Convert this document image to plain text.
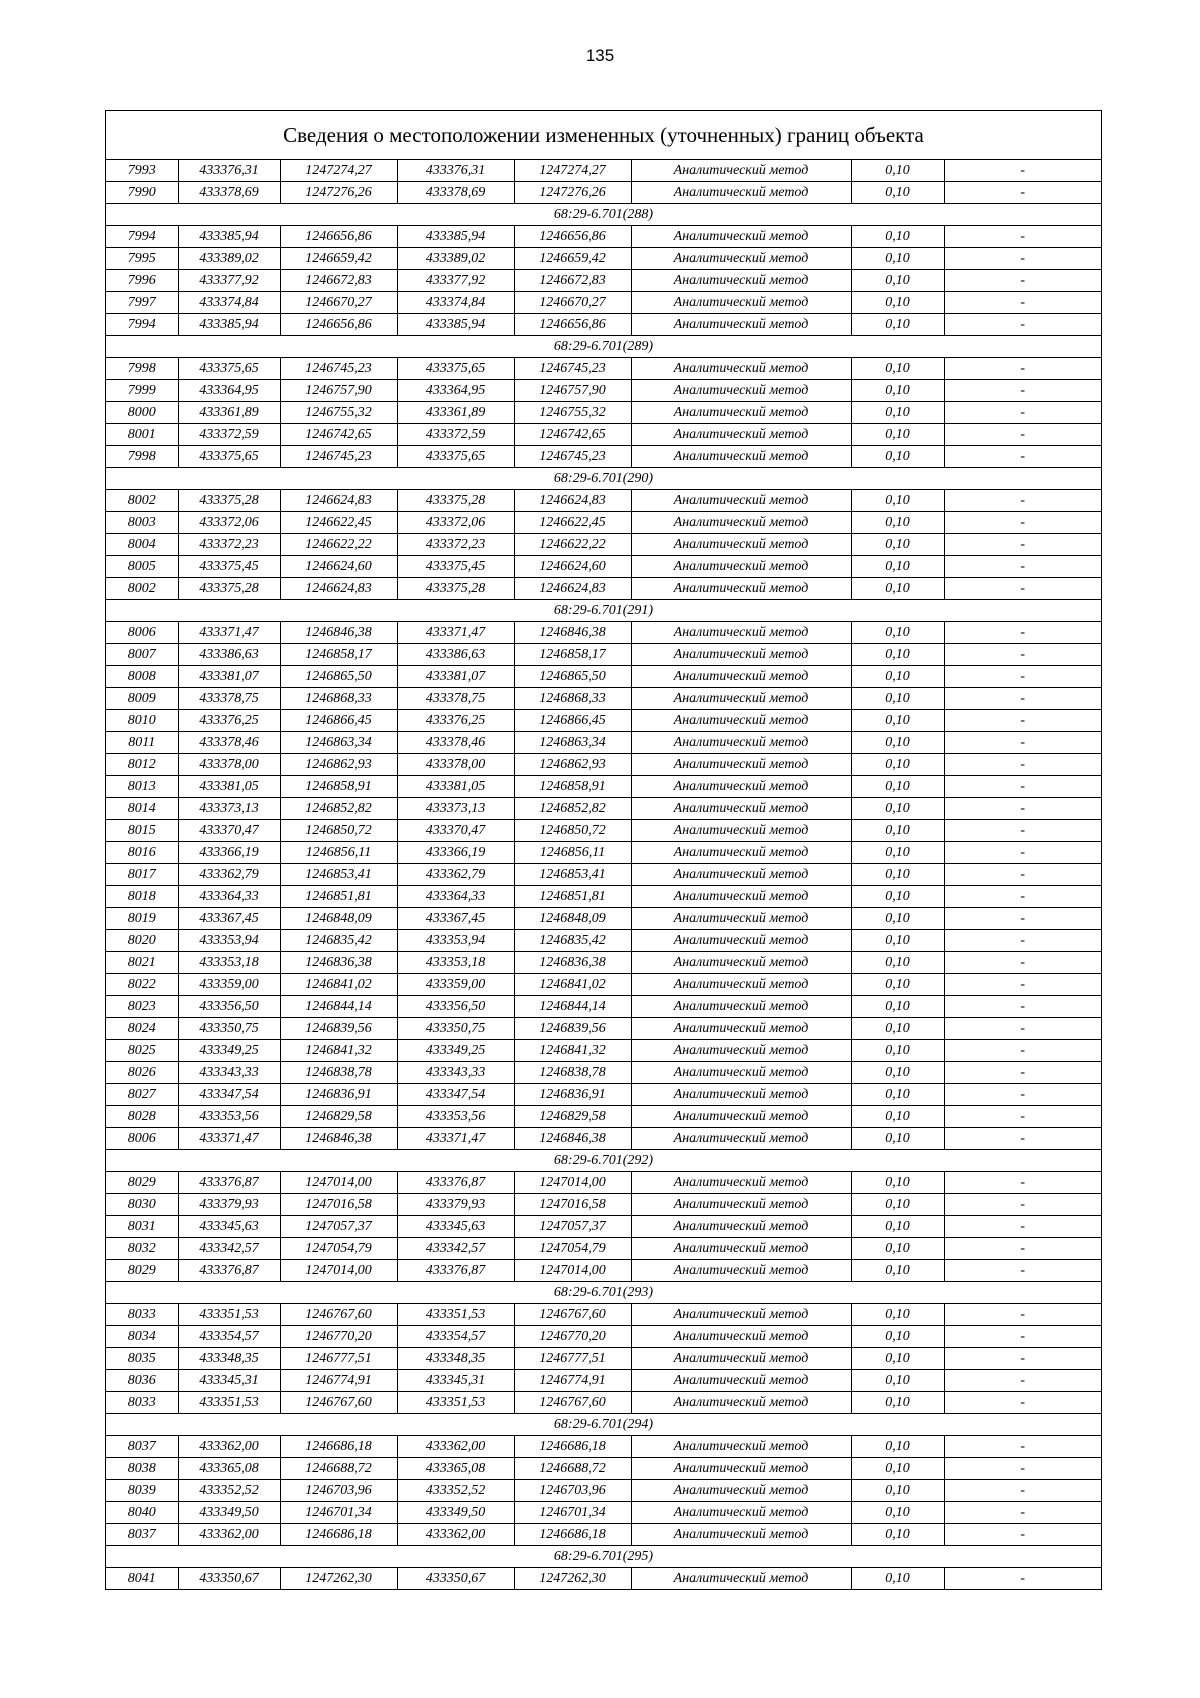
135
Сведения о местоположении измененных (уточненных) границ объекта
7993	433376,31	1247274,27	433376,31	1247274,27	Аналитический метод	0,10	-
7990	433378,69	1247276,26	433378,69	1247276,26	Аналитический метод	0,10	-
68:29-6.701(288)							
7994	433385,94	1246656,86	433385,94	1246656,86	Аналитический метод	0,10	-
7995	433389,02	1246659,42	433389,02	1246659,42	Аналитический метод	0,10	-
7996	433377,92	1246672,83	433377,92	1246672,83	Аналитический метод	0,10	-
7997	433374,84	1246670,27	433374,84	1246670,27	Аналитический метод	0,10	-
7994	433385,94	1246656,86	433385,94	1246656,86	Аналитический метод	0,10	-
68:29-6.701(289)							
7998	433375,65	1246745,23	433375,65	1246745,23	Аналитический метод	0,10	-
7999	433364,95	1246757,90	433364,95	1246757,90	Аналитический метод	0,10	-
8000	433361,89	1246755,32	433361,89	1246755,32	Аналитический метод	0,10	-
8001	433372,59	1246742,65	433372,59	1246742,65	Аналитический метод	0,10	-
7998	433375,65	1246745,23	433375,65	1246745,23	Аналитический метод	0,10	-
68:29-6.701(290)							
8002	433375,28	1246624,83	433375,28	1246624,83	Аналитический метод	0,10	-
8003	433372,06	1246622,45	433372,06	1246622,45	Аналитический метод	0,10	-
8004	433372,23	1246622,22	433372,23	1246622,22	Аналитический метод	0,10	-
8005	433375,45	1246624,60	433375,45	1246624,60	Аналитический метод	0,10	-
8002	433375,28	1246624,83	433375,28	1246624,83	Аналитический метод	0,10	-
68:29-6.701(291)							
8006	433371,47	1246846,38	433371,47	1246846,38	Аналитический метод	0,10	-
8007	433386,63	1246858,17	433386,63	1246858,17	Аналитический метод	0,10	-
8008	433381,07	1246865,50	433381,07	1246865,50	Аналитический метод	0,10	-
8009	433378,75	1246868,33	433378,75	1246868,33	Аналитический метод	0,10	-
8010	433376,25	1246866,45	433376,25	1246866,45	Аналитический метод	0,10	-
8011	433378,46	1246863,34	433378,46	1246863,34	Аналитический метод	0,10	-
8012	433378,00	1246862,93	433378,00	1246862,93	Аналитический метод	0,10	-
8013	433381,05	1246858,91	433381,05	1246858,91	Аналитический метод	0,10	-
8014	433373,13	1246852,82	433373,13	1246852,82	Аналитический метод	0,10	-
8015	433370,47	1246850,72	433370,47	1246850,72	Аналитический метод	0,10	-
8016	433366,19	1246856,11	433366,19	1246856,11	Аналитический метод	0,10	-
8017	433362,79	1246853,41	433362,79	1246853,41	Аналитический метод	0,10	-
8018	433364,33	1246851,81	433364,33	1246851,81	Аналитический метод	0,10	-
8019	433367,45	1246848,09	433367,45	1246848,09	Аналитический метод	0,10	-
8020	433353,94	1246835,42	433353,94	1246835,42	Аналитический метод	0,10	-
8021	433353,18	1246836,38	433353,18	1246836,38	Аналитический метод	0,10	-
8022	433359,00	1246841,02	433359,00	1246841,02	Аналитический метод	0,10	-
8023	433356,50	1246844,14	433356,50	1246844,14	Аналитический метод	0,10	-
8024	433350,75	1246839,56	433350,75	1246839,56	Аналитический метод	0,10	-
8025	433349,25	1246841,32	433349,25	1246841,32	Аналитический метод	0,10	-
8026	433343,33	1246838,78	433343,33	1246838,78	Аналитический метод	0,10	-
8027	433347,54	1246836,91	433347,54	1246836,91	Аналитический метод	0,10	-
8028	433353,56	1246829,58	433353,56	1246829,58	Аналитический метод	0,10	-
8006	433371,47	1246846,38	433371,47	1246846,38	Аналитический метод	0,10	-
68:29-6.701(292)							
8029	433376,87	1247014,00	433376,87	1247014,00	Аналитический метод	0,10	-
8030	433379,93	1247016,58	433379,93	1247016,58	Аналитический метод	0,10	-
8031	433345,63	1247057,37	433345,63	1247057,37	Аналитический метод	0,10	-
8032	433342,57	1247054,79	433342,57	1247054,79	Аналитический метод	0,10	-
8029	433376,87	1247014,00	433376,87	1247014,00	Аналитический метод	0,10	-
68:29-6.701(293)							
8033	433351,53	1246767,60	433351,53	1246767,60	Аналитический метод	0,10	-
8034	433354,57	1246770,20	433354,57	1246770,20	Аналитический метод	0,10	-
8035	433348,35	1246777,51	433348,35	1246777,51	Аналитический метод	0,10	-
8036	433345,31	1246774,91	433345,31	1246774,91	Аналитический метод	0,10	-
8033	433351,53	1246767,60	433351,53	1246767,60	Аналитический метод	0,10	-
68:29-6.701(294)							
8037	433362,00	1246686,18	433362,00	1246686,18	Аналитический метод	0,10	-
8038	433365,08	1246688,72	433365,08	1246688,72	Аналитический метод	0,10	-
8039	433352,52	1246703,96	433352,52	1246703,96	Аналитический метод	0,10	-
8040	433349,50	1246701,34	433349,50	1246701,34	Аналитический метод	0,10	-
8037	433362,00	1246686,18	433362,00	1246686,18	Аналитический метод	0,10	-
68:29-6.701(295)							
8041	433350,67	1247262,30	433350,67	1247262,30	Аналитический метод	0,10	-
